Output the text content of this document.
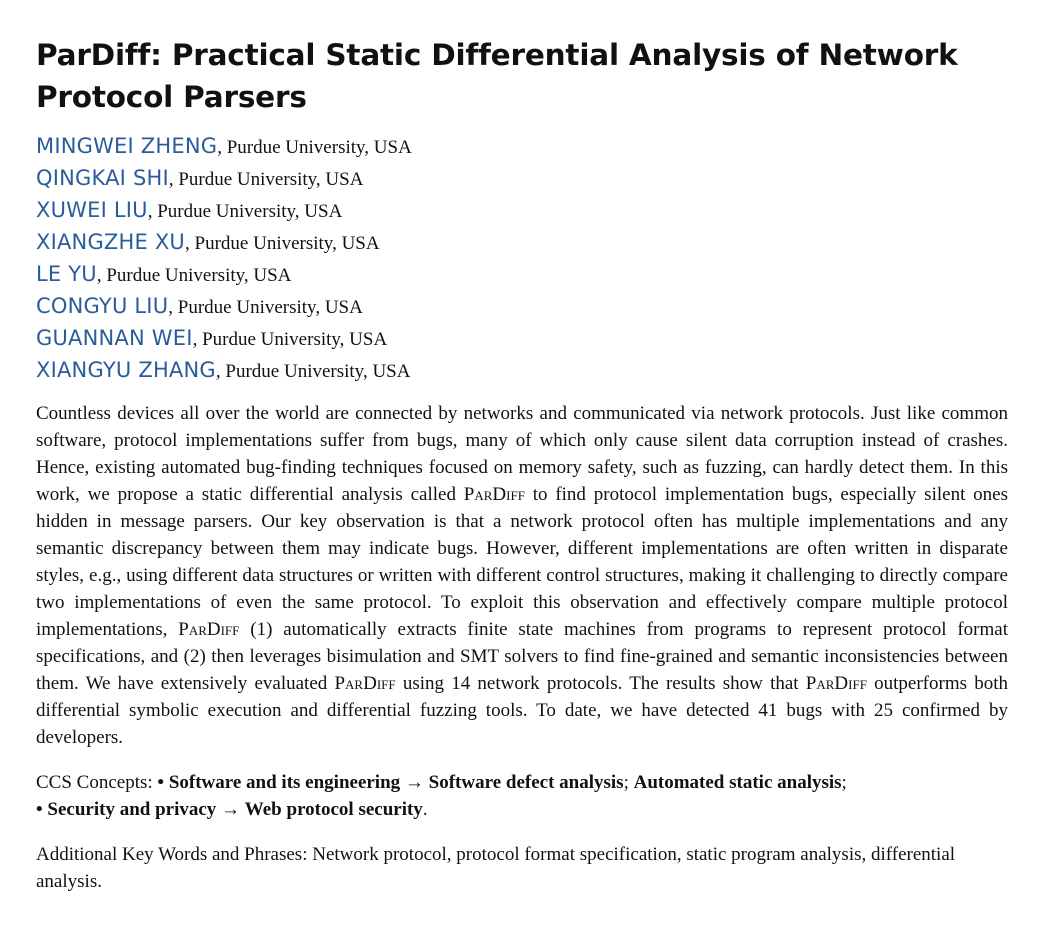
ParDiff: Practical Static Differential Analysis of Network Protocol Parsers
MINGWEI ZHENG, Purdue University, USA
QINGKAI SHI, Purdue University, USA
XUWEI LIU, Purdue University, USA
XIANGZHE XU, Purdue University, USA
LE YU, Purdue University, USA
CONGYU LIU, Purdue University, USA
GUANNAN WEI, Purdue University, USA
XIANGYU ZHANG, Purdue University, USA

Countless devices all over the world are connected by networks and communicated via network protocols. Just like common software, protocol implementations suffer from bugs, many of which only cause silent data corruption instead of crashes. Hence, existing automated bug-finding techniques focused on memory safety, such as fuzzing, can hardly detect them. In this work, we propose a static differential analysis called ParDiff to find protocol implementation bugs, especially silent ones hidden in message parsers. Our key observation is that a network protocol often has multiple implementations and any semantic discrepancy between them may indicate bugs. However, different implementations are often written in disparate styles, e.g., using different data structures or written with different control structures, making it challenging to directly compare two implementations of even the same protocol. To exploit this observation and effectively compare multiple protocol implementations, ParDiff (1) automatically extracts finite state machines from programs to represent protocol format specifications, and (2) then leverages bisimulation and SMT solvers to find fine-grained and semantic inconsistencies between them. We have extensively evaluated ParDiff using 14 network protocols. The results show that ParDiff outperforms both differential symbolic execution and differential fuzzing tools. To date, we have detected 41 bugs with 25 confirmed by developers.

CCS Concepts: • Software and its engineering → Software defect analysis; Automated static analysis;
• Security and privacy → Web protocol security.

Additional Key Words and Phrases: Network protocol, protocol format specification, static program analysis, differential analysis.
